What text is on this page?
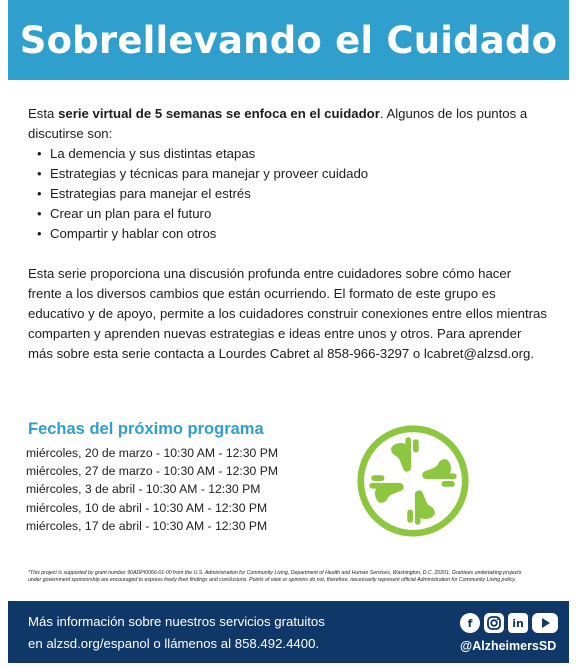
Sobrellevando el Cuidado
Esta serie virtual de 5 semanas se enfoca en el cuidador. Algunos de los puntos a discutirse son:
• La demencia y sus distintas etapas
• Estrategias y técnicas para manejar y proveer cuidado
• Estrategias para manejar el estrés
• Crear un plan para el futuro
• Compartir y hablar con otros
Esta serie proporciona una discusión profunda entre cuidadores sobre cómo hacer frente a los diversos cambios que están ocurriendo. El formato de este grupo es educativo y de apoyo, permite a los cuidadores construir conexiones entre ellos mientras comparten y aprenden nuevas estrategias e ideas entre unos y otros. Para aprender más sobre esta serie contacta a Lourdes Cabret al 858-966-3297 o lcabret@alzsd.org.
Fechas del próximo programa
miércoles, 20 de marzo - 10:30 AM - 12:30 PM
miércoles, 27 de marzo - 10:30 AM - 12:30 PM
miércoles, 3 de abril - 10:30 AM - 12:30 PM
miércoles, 10 de abril - 10:30 AM - 12:30 PM
miércoles, 17 de abril - 10:30 AM - 12:30 PM
*This project is supported by grant number 90ADPI0066-01-00 from the U.S. Administration for Community Living, Department of Health and Human Services, Washington, D.C. 20201. Grantees undertaking projects under government sponsorship are encouraged to express freely their findings and conclusions. Points of view or opinions do not, therefore, necessarily represent official Administration for Community Living policy.
Más información sobre nuestros servicios gratuitos
en alzsd.org/espanol o llámenos al 858.492.4400.
f	in
@AlzheimersSD
